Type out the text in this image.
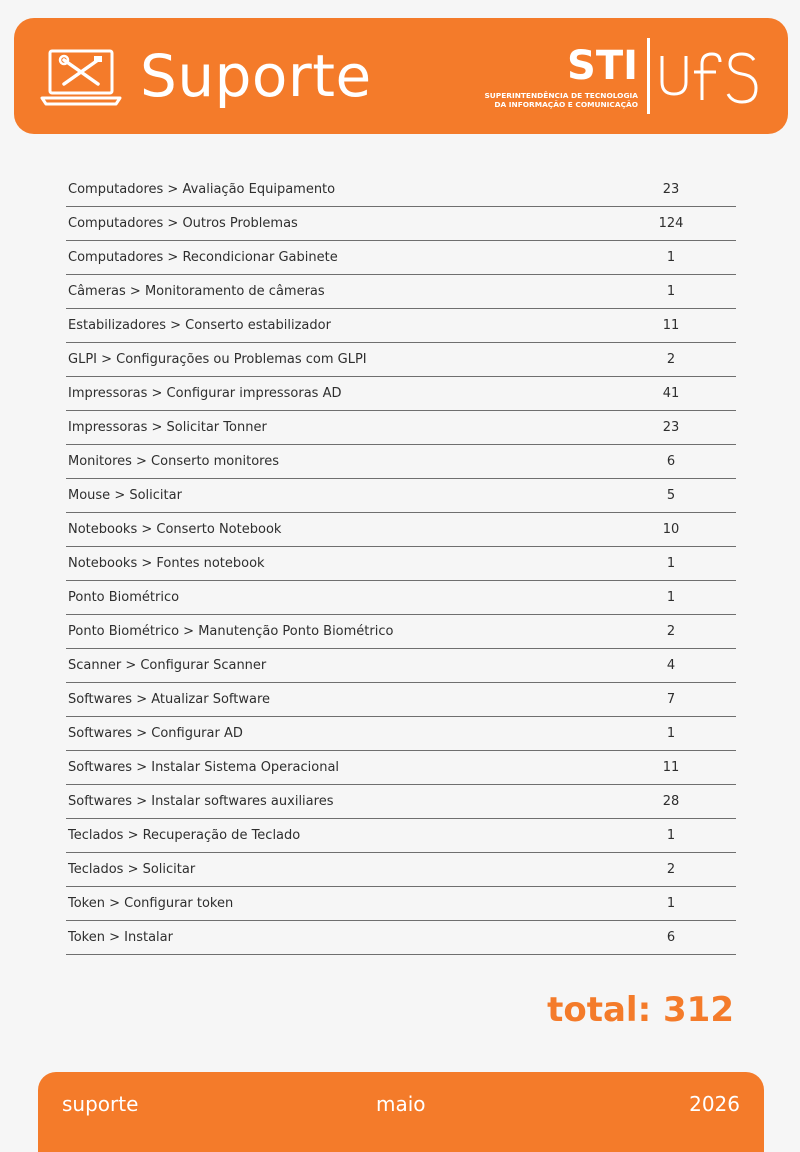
Suporte	STI
SUPERINTENDÊNCIA DE TECNOLOGIA
DA INFORMAÇÃO E COMUNICAÇÃO
Computadores > Avaliação Equipamento	23
Computadores > Outros Problemas	124
Computadores > Recondicionar Gabinete	1
Câmeras > Monitoramento de câmeras	1
Estabilizadores > Conserto estabilizador	11
GLPI > Configurações ou Problemas com GLPI	2
Impressoras > Configurar impressoras AD	41
Impressoras > Solicitar Tonner	23
Monitores > Conserto monitores	6
Mouse > Solicitar	5
Notebooks > Conserto Notebook	10
Notebooks > Fontes notebook	1
Ponto Biométrico	1
Ponto Biométrico > Manutenção Ponto Biométrico	2
Scanner > Configurar Scanner	4
Softwares > Atualizar Software	7
Softwares > Configurar AD	1
Softwares > Instalar Sistema Operacional	11
Softwares > Instalar softwares auxiliares	28
Teclados > Recuperação de Teclado	1
Teclados > Solicitar	2
Token > Configurar token	1
Token > Instalar	6
total: 312
suporte	maio	2026
